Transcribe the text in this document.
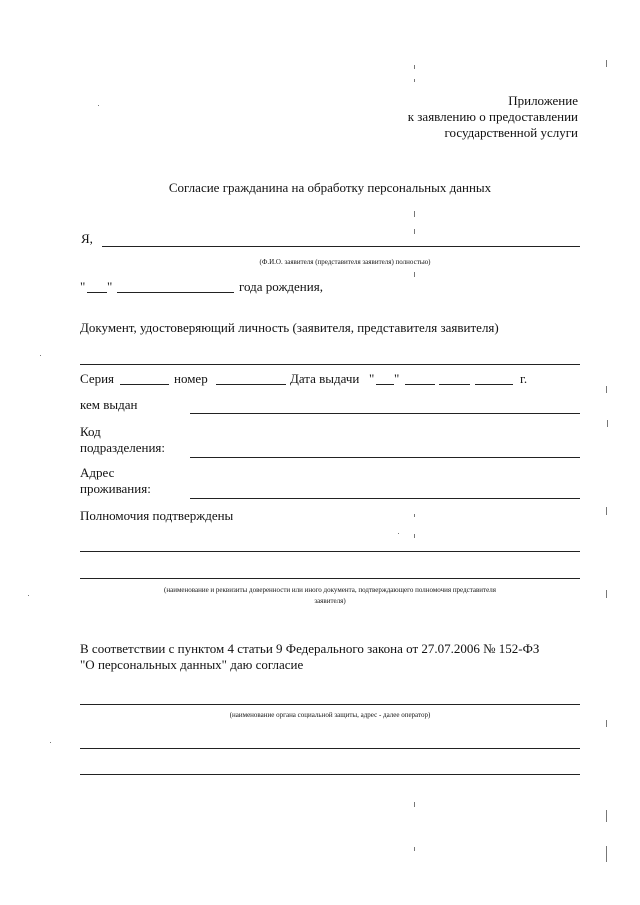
Приложение
к заявлению о предоставлении
государственной услуги
Согласие гражданина на обработку персональных данных
Я,
(Ф.И.О. заявителя (представителя заявителя) полностью)
" "	года рождения,
Документ, удостоверяющий личность (заявителя, представителя заявителя)
Серия	номер	Дата выдачи " "	г.
кем выдан
Код
подразделения:
Адрес
проживания:
Полномочия подтверждены
(наименование и реквизиты доверенности или иного документа, подтверждающего полномочия представителя
заявителя)
В соответствии с пунктом 4 статьи 9 Федерального закона от 27.07.2006 № 152-ФЗ
"О персональных данных" даю согласие
(наименование органа социальной защиты, адрес - далее оператор)
